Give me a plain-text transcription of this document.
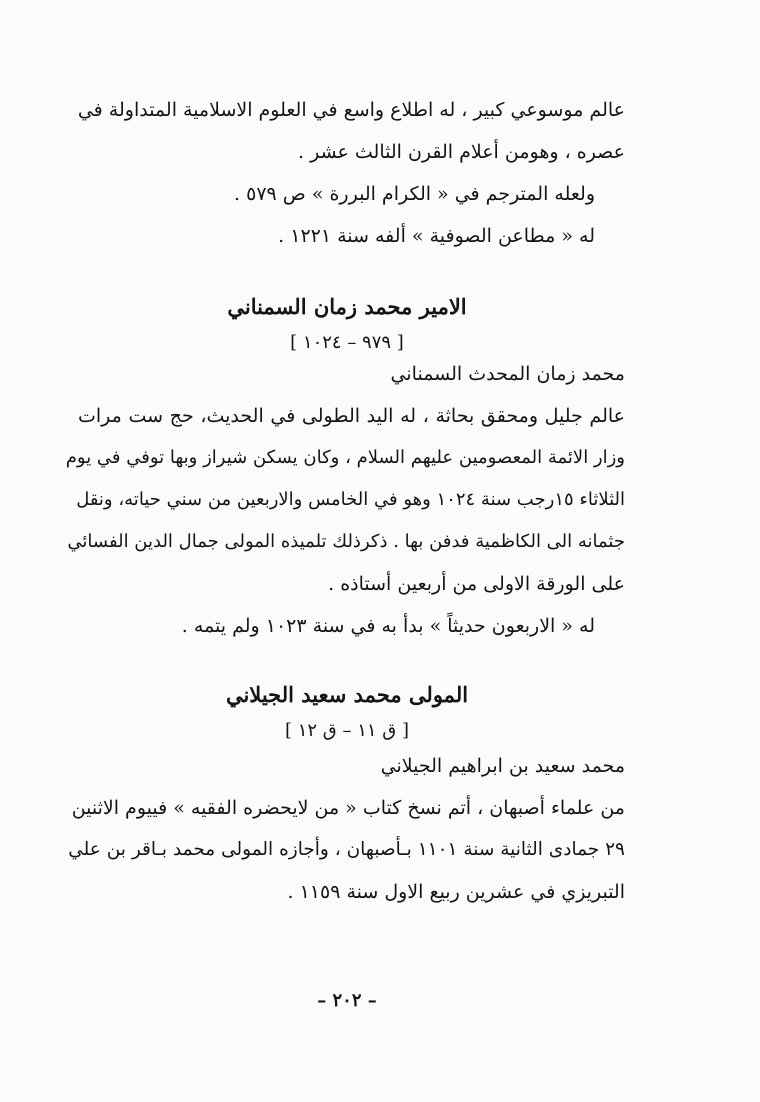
عالم موسوعي كبير ، له اطلاع واسع في العلوم الاسلامية المتداولة في
عصره ، وهومن أعلام القرن الثالث عشر .
ولعله المترجم في « الكرام البررة » ص ٥٧٩ .
له « مطاعن الصوفية » ألفه سنة ١٢٢١ .
الامير محمد زمان السمناني
[ ٩٧٩ – ١٠٢٤ ]
محمد زمان المحدث السمناني
عالم جليل ومحقق بحاثة ، له اليد الطولى في الحديث، حج ست مرات
وزار الائمة المعصومين عليهم السلام ، وكان يسكن شيراز وبها توفي في يوم
الثلاثاء ١٥رجب سنة ١٠٢٤ وهو في الخامس والاربعين من سني حياته، ونقل
جثمانه الى الكاظمية فدفن بها . ذكرذلك تلميذه المولى جمال الدين الفسائي
على الورقة الاولى من أربعين أستاذه .
له « الاربعون حديثاً » بدأ به في سنة ١٠٢٣ ولم يتمه .
المولى محمد سعيد الجيلاني
[ ق ١١ – ق ١٢ ]
محمد سعيد بن ابراهيم الجيلاني
من علماء أصبهان ، أتم نسخ كتاب « من لايحضره الفقيه » فييوم الاثنين
٢٩ جمادى الثانية سنة ١١٠١ بـأصبهان ، وأجازه المولى محمد بـاقر بن علي
التبريزي في عشرين ربيع الاول سنة ١١٥٩ .
– ٢٠٢ –
